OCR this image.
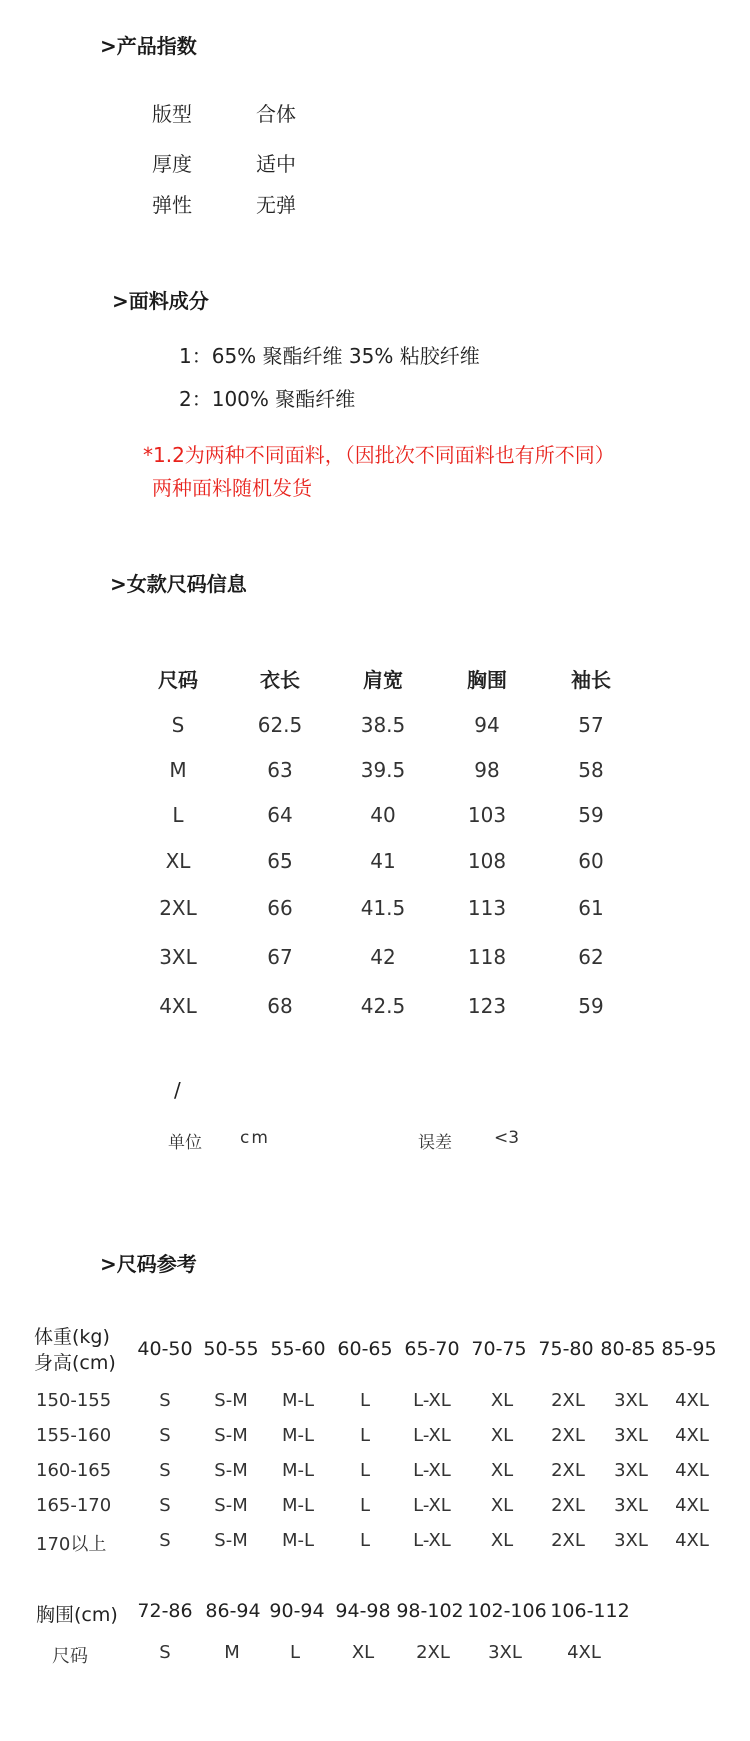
>产品指数
版型	合体
厚度	适中
弹性	无弹
>面料成分
1：65% 聚酯纤维 35% 粘胶纤维
2：100% 聚酯纤维
*1.2为两种不同面料，（因批次不同面料也有所不同）
两种面料随机发货
>女款尺码信息
尺码	衣长	肩宽	胸围	袖长
S	62.5	38.5	94	57
M	63	39.5	98	58
L	64	40	103	59
XL	65	41	108	60
2XL	66	41.5	113	61
3XL	67	42	118	62
4XL	68	42.5	123	59
/
单位 cm	误差 <3
>尺码参考
体重(kg)
身高(cm)
40-50 50-55 55-60 60-65 65-70 70-75 75-80 80-85 85-95
150-155	S S-M M-L	L L-XL XL 2XL 3XL 4XL
155-160	S S-M M-L	L L-XL XL 2XL 3XL 4XL
160-165	S S-M M-L	L L-XL XL 2XL 3XL 4XL
165-170	S S-M M-L	L L-XL XL 2XL 3XL 4XL
170以上	S S-M M-L	L L-XL XL 2XL 3XL 4XL
胸围(cm) 72-86 86-94 90-94 94-98 98-102 102-106 106-112
尺码	S	M	L	XL 2XL 3XL	4XL
